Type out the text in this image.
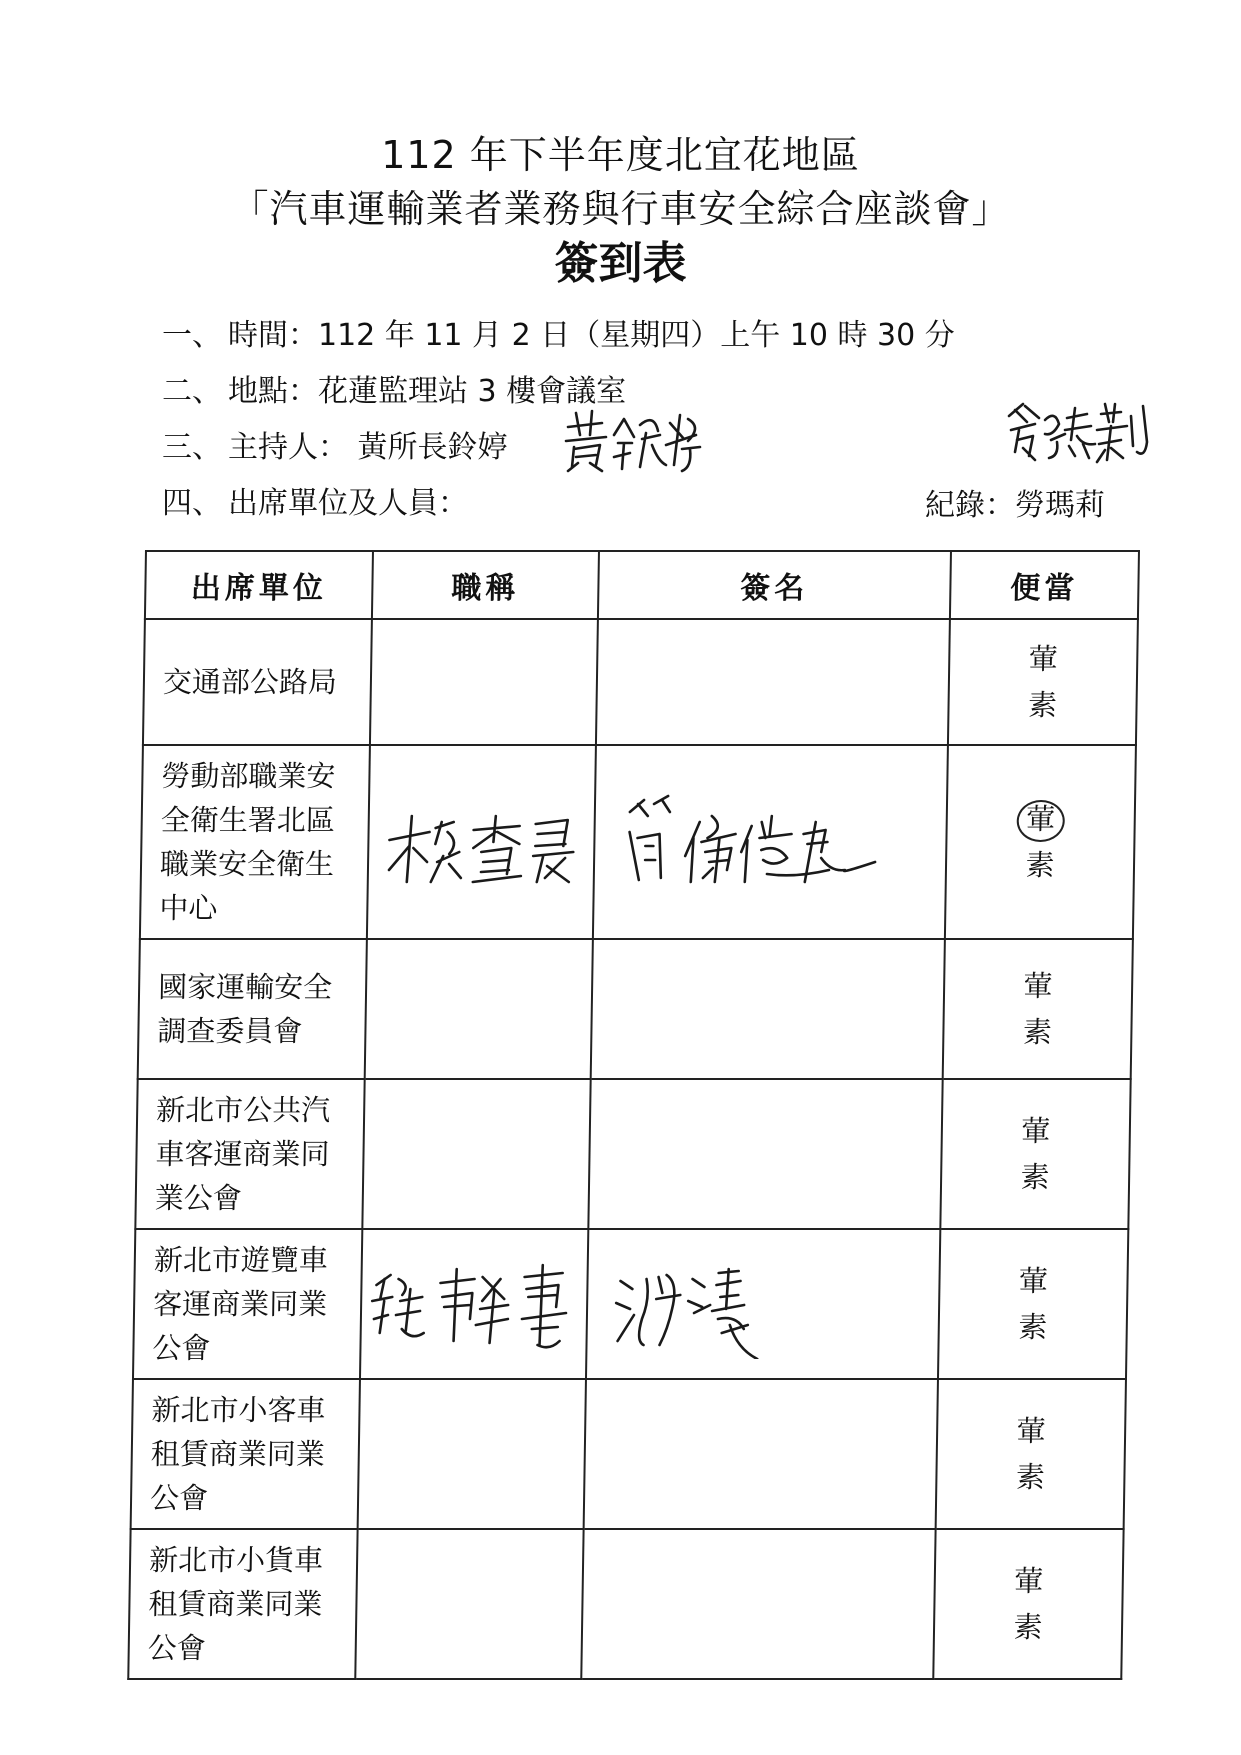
112 年下半年度北宜花地區
「汽車運輸業者業務與行車安全綜合座談會」
簽到表
一、 時間：112 年 11 月 2 日（星期四）上午 10 時 30 分
二、 地點：花蓮監理站 3 樓會議室
三、 主持人： 黃所長鈴婷
四、 出席單位及人員：	紀錄：勞瑪莉
出席單位	職稱	簽名	便當
交通部公路局			葷
素

勞動部職業安全衛生署北區職業安全衛生中心			葷
素

國家運輸安全調查委員會			葷
素

新北市公共汽車客運商業同業公會			葷
素

新北市遊覽車客運商業同業公會			葷
素

新北市小客車租賃商業同業公會			葷
素

新北市小貨車租賃商業同業公會			葷
素
